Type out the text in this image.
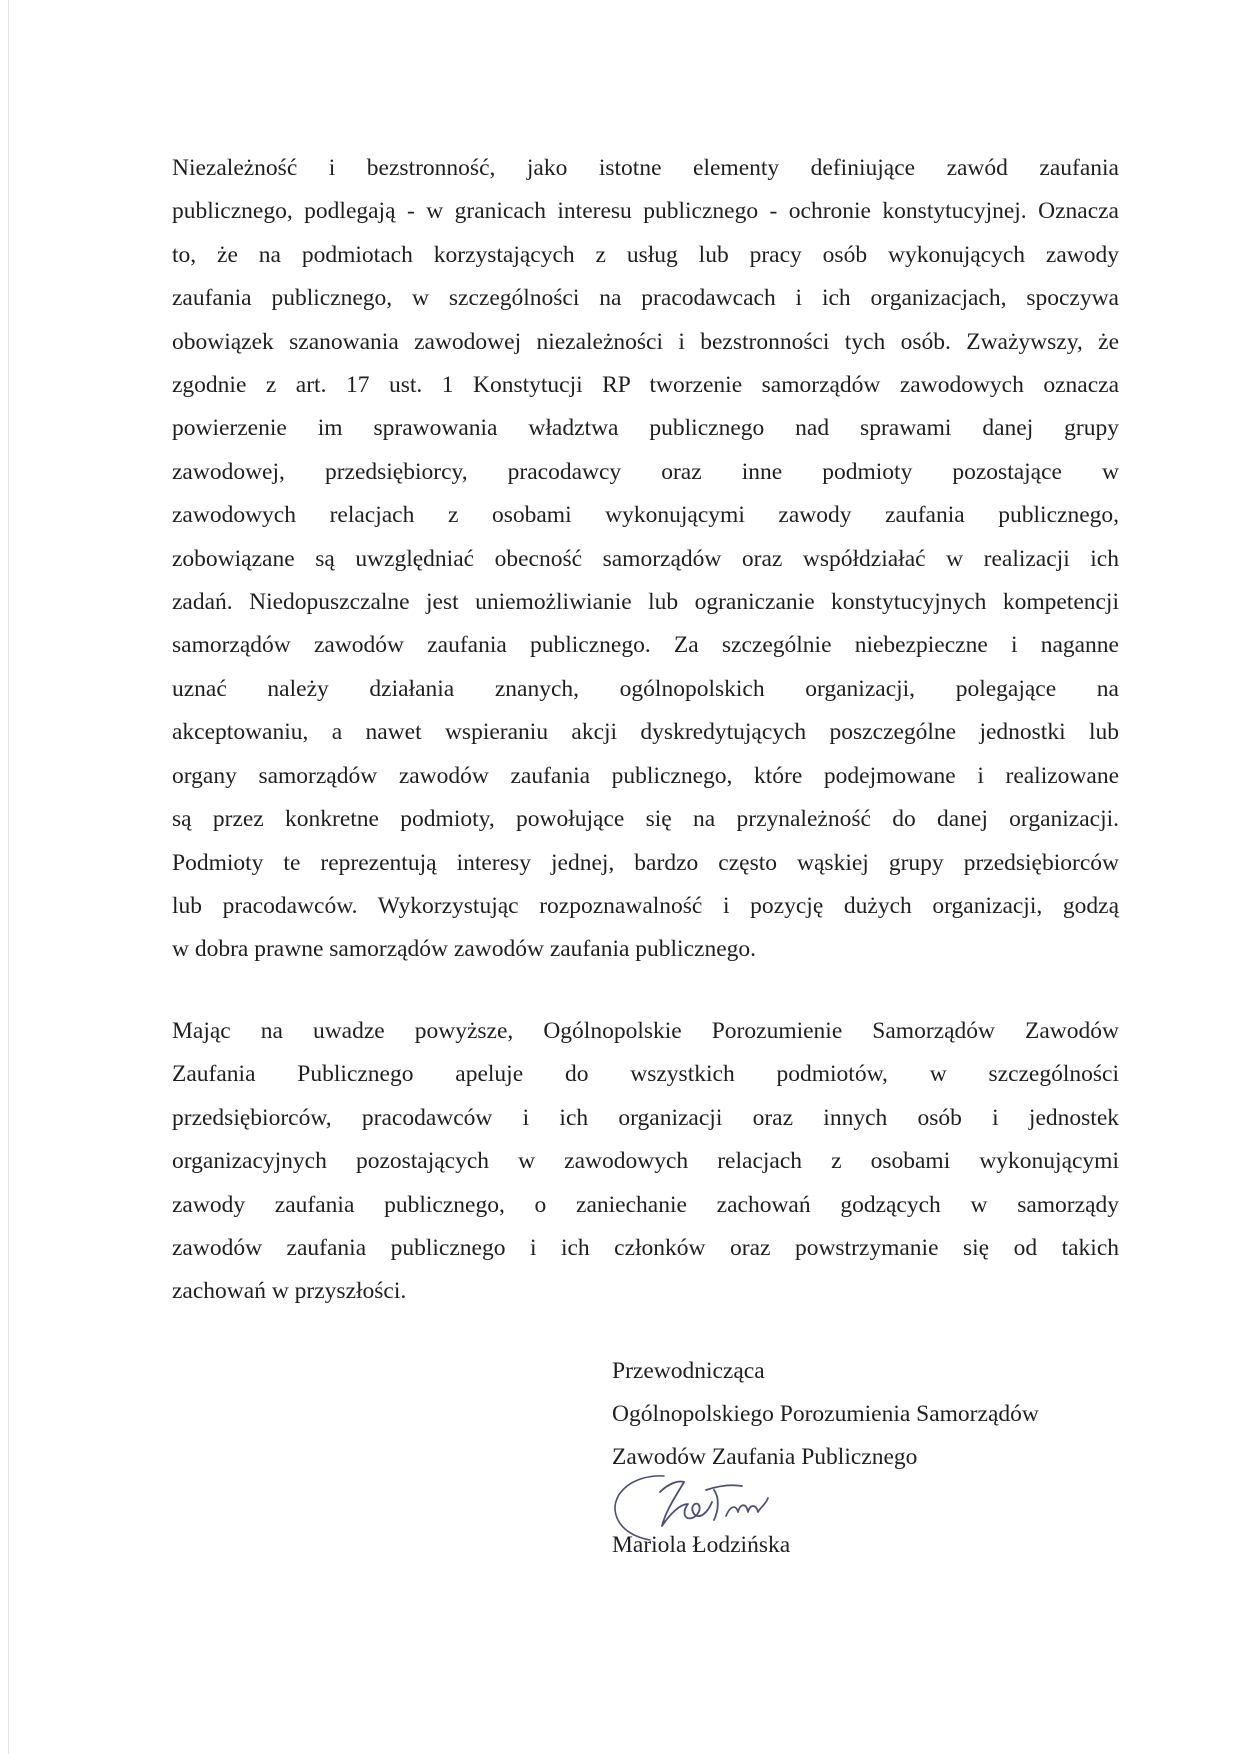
Niezależność i bezstronność, jako istotne elementy definiujące zawód zaufania
publicznego, podlegają - w granicach interesu publicznego - ochronie konstytucyjnej. Oznacza
to, że na podmiotach korzystających z usług lub pracy osób wykonujących zawody
zaufania publicznego, w szczególności na pracodawcach i ich organizacjach, spoczywa
obowiązek szanowania zawodowej niezależności i bezstronności tych osób. Zważywszy, że
zgodnie z art. 17 ust. 1 Konstytucji RP tworzenie samorządów zawodowych oznacza
powierzenie im sprawowania władztwa publicznego nad sprawami danej grupy
zawodowej, przedsiębiorcy, pracodawcy oraz inne podmioty pozostające w
zawodowych relacjach z osobami wykonującymi zawody zaufania publicznego,
zobowiązane są uwzględniać obecność samorządów oraz współdziałać w realizacji ich
zadań. Niedopuszczalne jest uniemożliwianie lub ograniczanie konstytucyjnych kompetencji
samorządów zawodów zaufania publicznego. Za szczególnie niebezpieczne i naganne
uznać należy działania znanych, ogólnopolskich organizacji, polegające na
akceptowaniu, a nawet wspieraniu akcji dyskredytujących poszczególne jednostki lub
organy samorządów zawodów zaufania publicznego, które podejmowane i realizowane
są przez konkretne podmioty, powołujące się na przynależność do danej organizacji.
Podmioty te reprezentują interesy jednej, bardzo często wąskiej grupy przedsiębiorców
lub pracodawców. Wykorzystując rozpoznawalność i pozycję dużych organizacji, godzą
w dobra prawne samorządów zawodów zaufania publicznego.

Mając na uwadze powyższe, Ogólnopolskie Porozumienie Samorządów Zawodów
Zaufania Publicznego apeluje do wszystkich podmiotów, w szczególności
przedsiębiorców, pracodawców i ich organizacji oraz innych osób i jednostek
organizacyjnych pozostających w zawodowych relacjach z osobami wykonującymi
zawody zaufania publicznego, o zaniechanie zachowań godzących w samorządy
zawodów zaufania publicznego i ich członków oraz powstrzymanie się od takich
zachowań w przyszłości.

Przewodnicząca
Ogólnopolskiego Porozumienia Samorządów
Zawodów Zaufania Publicznego
Mariola Łodzińska
